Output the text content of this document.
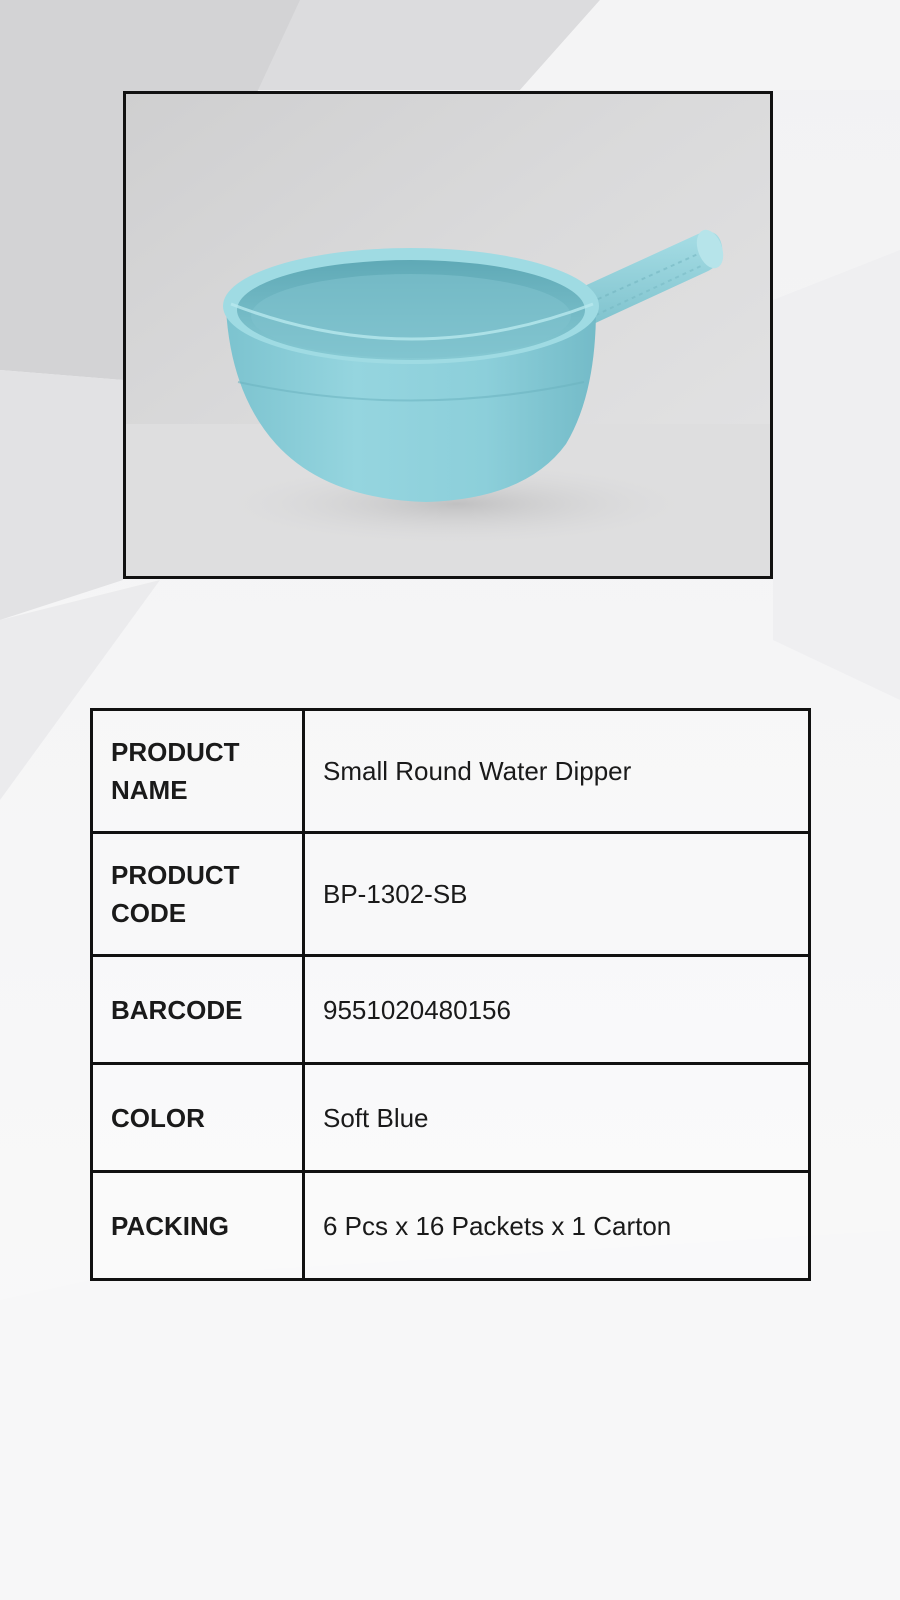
PRODUCT NAME	Small Round Water Dipper
PRODUCT CODE	BP-1302-SB
BARCODE	9551020480156
COLOR	Soft Blue
PACKING	6 Pcs x 16 Packets x 1 Carton
